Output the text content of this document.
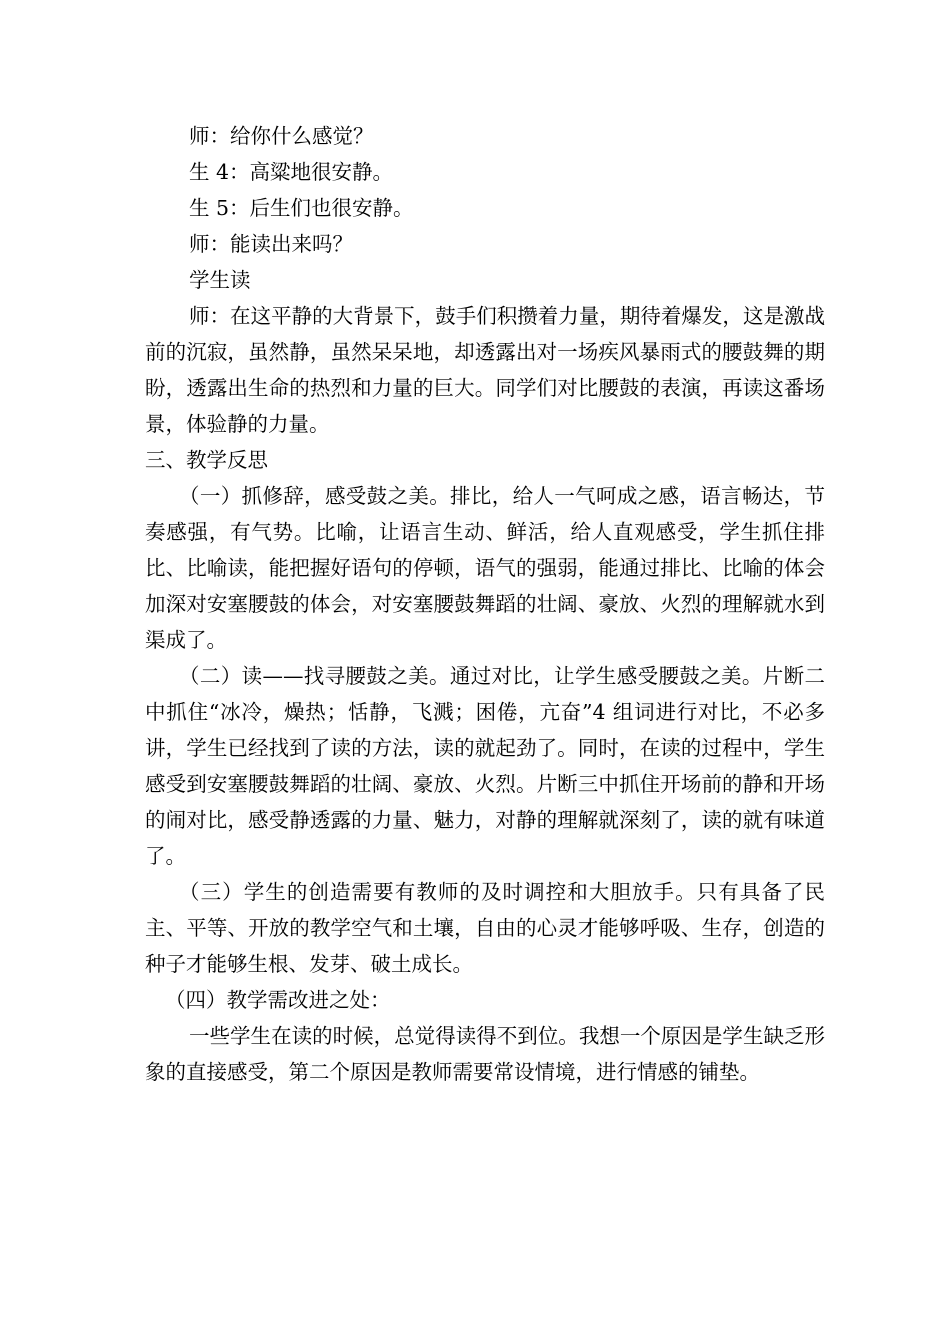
师：给你什么感觉？

生 4：高粱地很安静。

生 5：后生们也很安静。

师：能读出来吗？

学生读

师：在这平静的大背景下，鼓手们积攒着力量，期待着爆发，这是激战前的沉寂，虽然静，虽然呆呆地，却透露出对一场疾风暴雨式的腰鼓舞的期盼，透露出生命的热烈和力量的巨大。同学们对比腰鼓的表演，再读这番场景，体验静的力量。

三、教学反思

（一）抓修辞，感受鼓之美。排比，给人一气呵成之感，语言畅达，节奏感强，有气势。比喻，让语言生动、鲜活，给人直观感受，学生抓住排比、比喻读，能把握好语句的停顿，语气的强弱，能通过排比、比喻的体会加深对安塞腰鼓的体会，对安塞腰鼓舞蹈的壮阔、豪放、火烈的理解就水到渠成了。

（二）读——找寻腰鼓之美。通过对比，让学生感受腰鼓之美。片断二中抓住“冰冷，燥热；恬静，飞溅；困倦，亢奋”4 组词进行对比，不必多讲，学生已经找到了读的方法，读的就起劲了。同时，在读的过程中，学生感受到安塞腰鼓舞蹈的壮阔、豪放、火烈。片断三中抓住开场前的静和开场的闹对比，感受静透露的力量、魅力，对静的理解就深刻了，读的就有味道了。

（三）学生的创造需要有教师的及时调控和大胆放手。只有具备了民主、平等、开放的教学空气和土壤，自由的心灵才能够呼吸、生存，创造的种子才能够生根、发芽、破土成长。

（四）教学需改进之处：

一些学生在读的时候，总觉得读得不到位。我想一个原因是学生缺乏形象的直接感受，第二个原因是教师需要常设情境，进行情感的铺垫。
